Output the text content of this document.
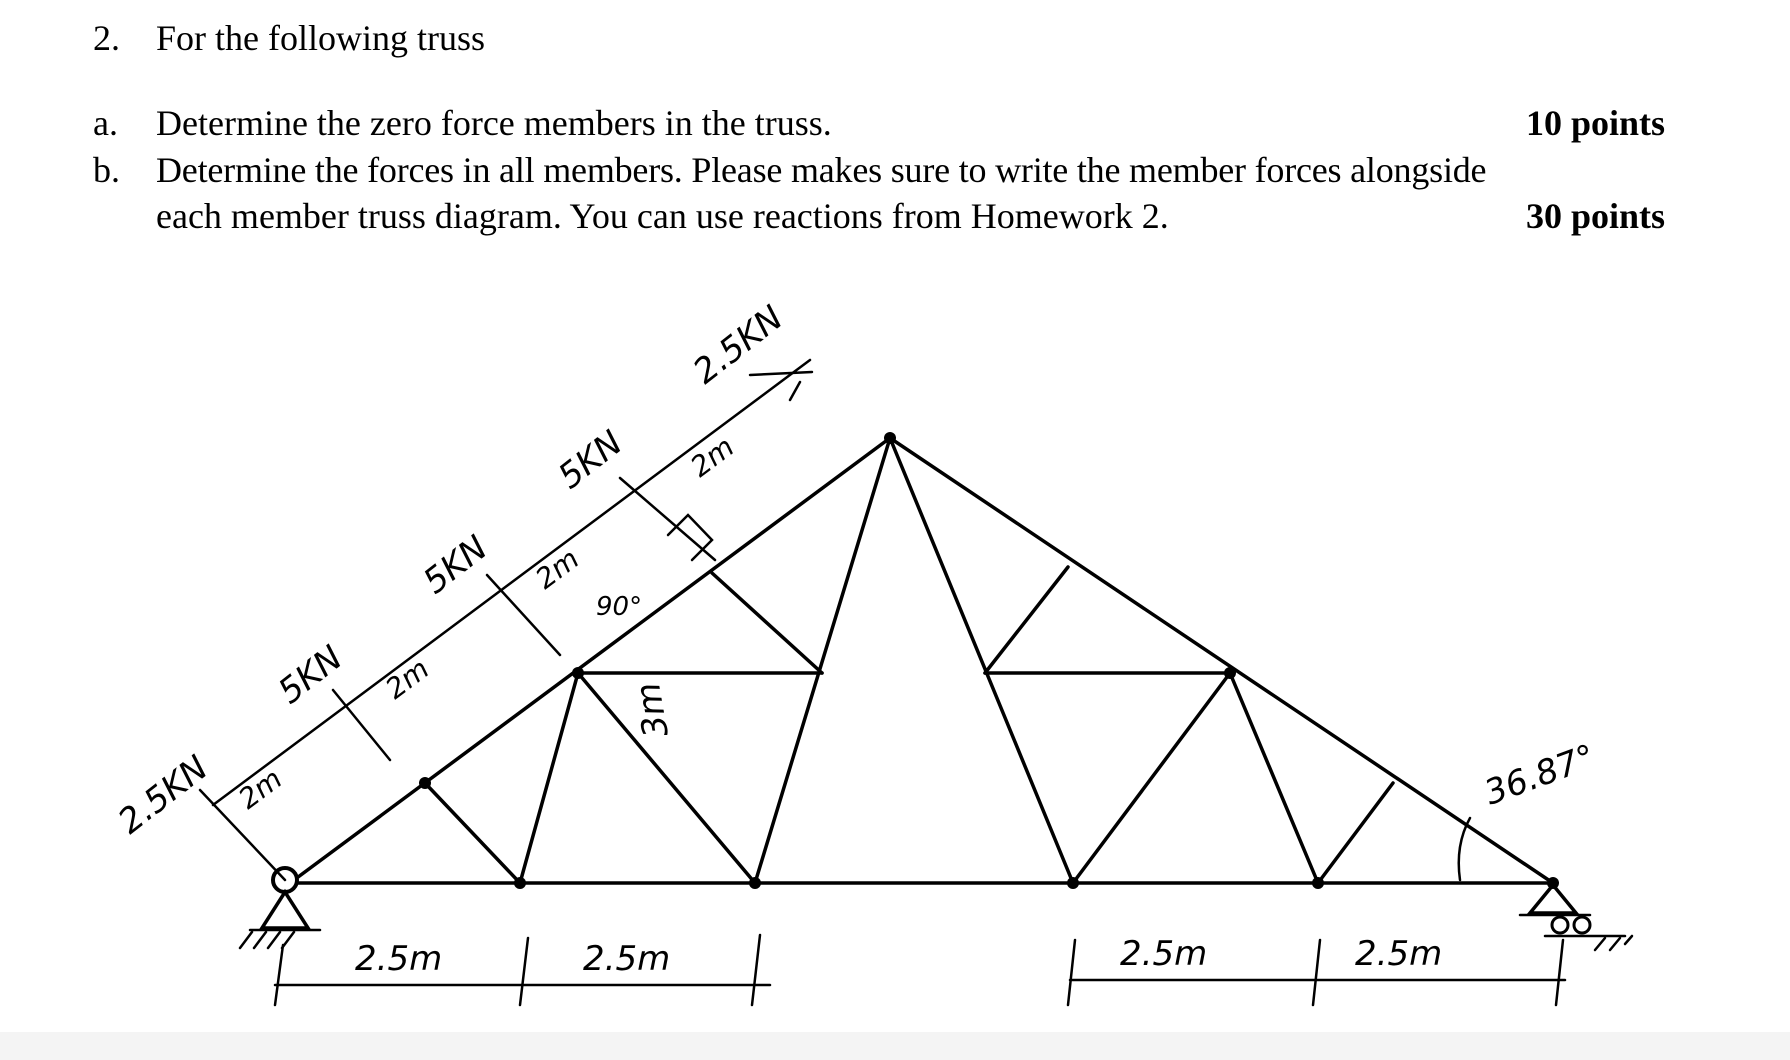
2. For the following truss
a. Determine the zero force members in the truss.	10 points
b. Determine the forces in all members. Please makes sure to write the member forces alongside
each member truss diagram. You can use reactions from Homework 2.	30 points
2.5KN
5KN
5KN
5KN
2.5KN
2m
2m
2m
2m
90°
3m
36.87°
2.5m	2.5m	2.5m	2.5m
